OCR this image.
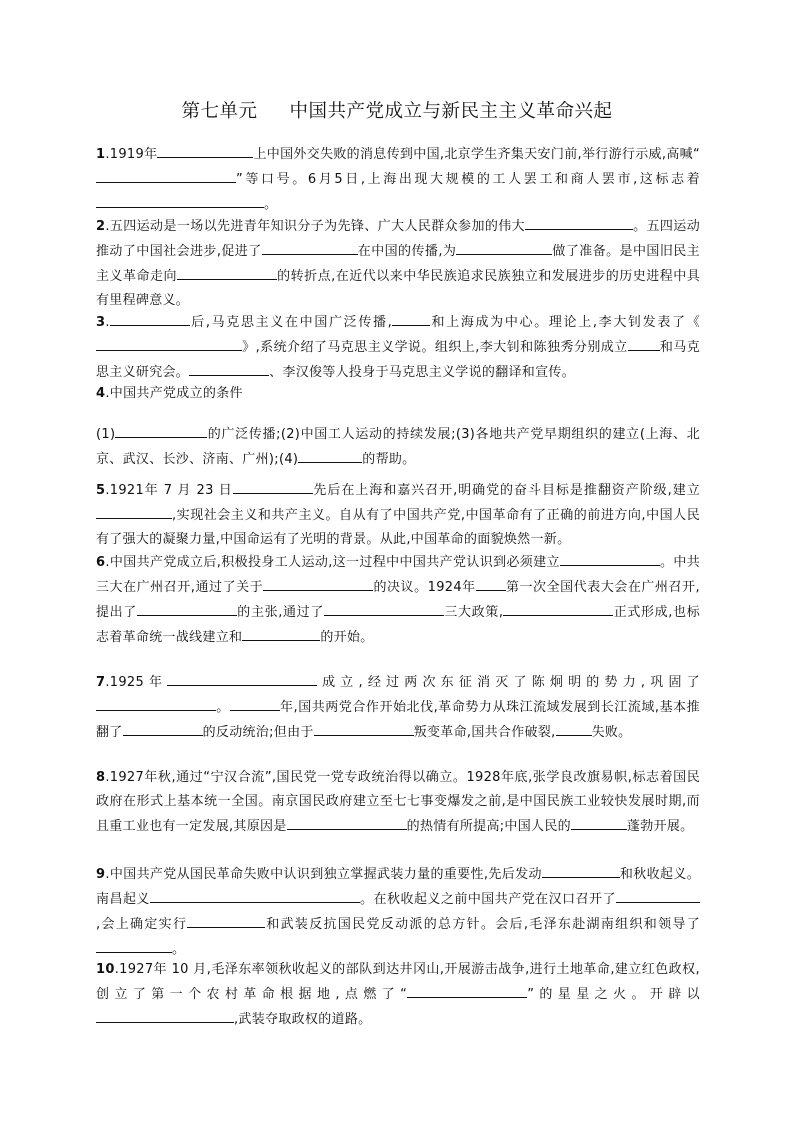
第七单元     中国共产党成立与新民主主义革命兴起
1.1919年	上中国外交失败的消息传到中国,北京学生齐集天安门前,举行游行示威,高喊“”等口号。6月5日,上海出现大规模的工人罢工和商人罢市,这标志着。
2.五四运动是一场以先进青年知识分子为先锋、广大人民群众参加的伟大	。五四运动推动了中国社会进步,促进了	在中国的传播,为	做了准备。是中国旧民主主义革命走向	的转折点,在近代以来中华民族追求民族独立和发展进步的历史进程中具有里程碑意义。
3.	后,马克思主义在中国广泛传播,	和上海成为中心。理论上,李大钊发表了《》,系统介绍了马克思主义学说。组织上,李大钊和陈独秀分别成立 和马克思主义研究会。	、李汉俊等人投身于马克思主义学说的翻译和宣传。
4.中国共产党成立的条件
(1)	的广泛传播;(2)中国工人运动的持续发展;(3)各地共产党早期组织的建立(上海、北京、武汉、长沙、济南、广州);(4)	的帮助。
5.1921年 7 月 23 日	先后在上海和嘉兴召开,明确党的奋斗目标是推翻资产阶级,建立,实现社会主义和共产主义。自从有了中国共产党,中国革命有了正确的前进方向,中国人民有了强大的凝聚力量,中国命运有了光明的背景。从此,中国革命的面貌焕然一新。
6.中国共产党成立后,积极投身工人运动,这一过程中中国共产党认识到必须建立	。中共三大在广州召开,通过了关于	的决议。1924年 第一次全国代表大会在广州召开,提出了	的主张,通过了	三大政策,	正式形成,也标志着革命统一战线建立和	的开始。
7.1925年	成立,经过两次东征消灭了陈炯明的势力,巩固了。	年,国共两党合作开始北伐,革命势力从珠江流域发展到长江流域,基本推翻了	的反动统治;但由于	叛变革命,国共合作破裂,	失败。
8.1927年秋,通过“宁汉合流”,国民党一党专政统治得以确立。1928年底,张学良改旗易帜,标志着国民政府在形式上基本统一全国。南京国民政府建立至七七事变爆发之前,是中国民族工业较快发展时期,而且重工业也有一定发展,其原因是	的热情有所提高;中国人民的	蓬勃开展。
9.中国共产党从国民革命失败中认识到独立掌握武装力量的重要性,先后发动	和秋收起义。南昌起义	。在秋收起义之前中国共产党在汉口召开了,会上确定实行	和武装反抗国民党反动派的总方针。会后,毛泽东赴湖南组织和领导了。
10.1927年 10 月,毛泽东率领秋收起义的部队到达井冈山,开展游击战争,进行土地革命,建立红色政权,创立了第一个农村革命根据地,点燃了“	”的星星之火。开辟以,武装夺取政权的道路。
